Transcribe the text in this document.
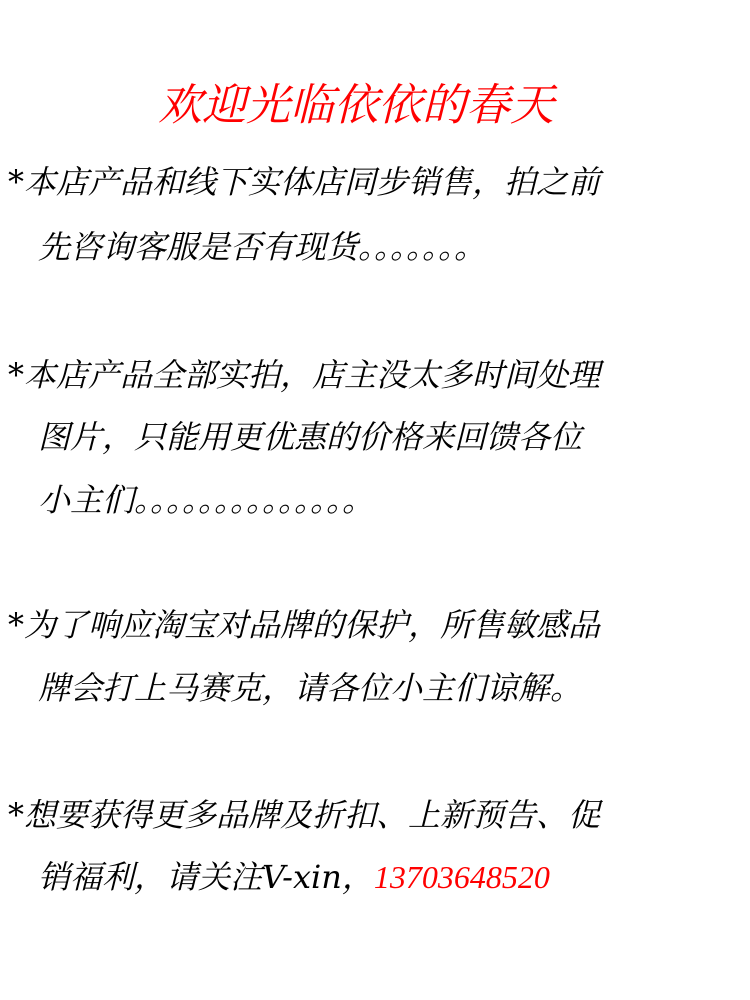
欢迎光临依依的春天
*本店产品和线下实体店同步销售，拍之前
先咨询客服是否有现货。。。。。。。
*本店产品全部实拍，店主没太多时间处理
图片，只能用更优惠的价格来回馈各位
小主们。。。。。。。。。。。。。。
*为了响应淘宝对品牌的保护，所售敏感品
牌会打上马赛克，请各位小主们谅解。
*想要获得更多品牌及折扣、上新预告、促
销福利，请关注V-xin，13703648520
